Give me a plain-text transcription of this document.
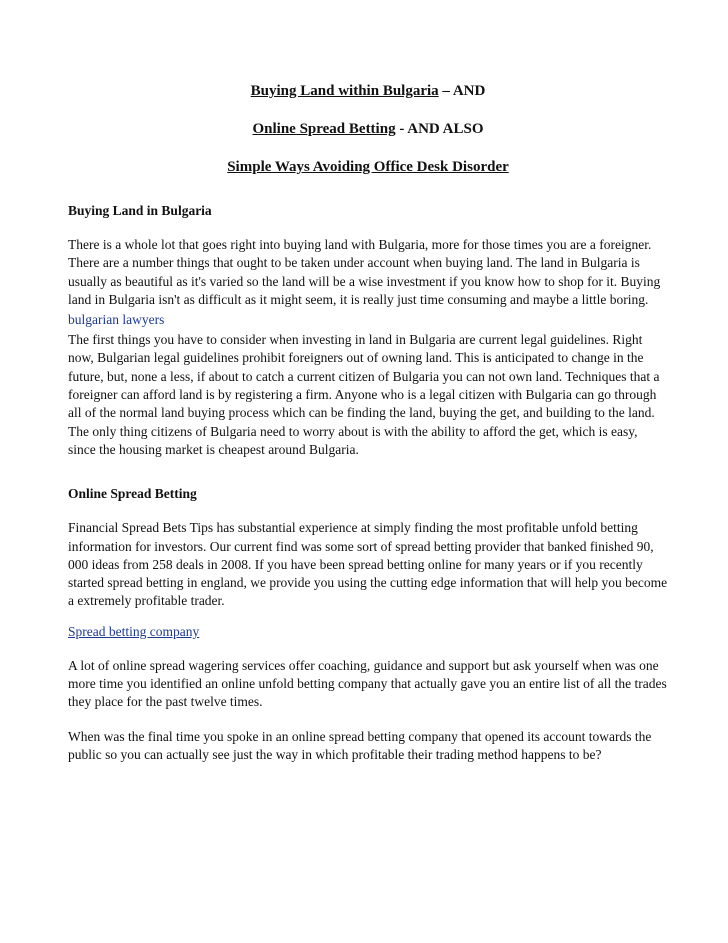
Buying Land within Bulgaria – AND
Online Spread Betting - AND ALSO
Simple Ways Avoiding Office Desk Disorder
Buying Land in Bulgaria

There is a whole lot that goes right into buying land with Bulgaria, more for those times you are a foreigner. There are a number things that ought to be taken under account when buying land. The land in Bulgaria is usually as beautiful as it's varied so the land will be a wise investment if you know how to shop for it. Buying land in Bulgaria isn't as difficult as it might seem, it is really just time consuming and maybe a little boring.

bulgarian lawyers

The first things you have to consider when investing in land in Bulgaria are current legal guidelines. Right now, Bulgarian legal guidelines prohibit foreigners out of owning land. This is anticipated to change in the future, but, none a less, if about to catch a current citizen of Bulgaria you can not own land. Techniques that a foreigner can afford land is by registering a firm. Anyone who is a legal citizen with Bulgaria can go through all of the normal land buying process which can be finding the land, buying the get, and building to the land. The only thing citizens of Bulgaria need to worry about is with the ability to afford the get, which is easy, since the housing market is cheapest around Bulgaria.

Online Spread Betting

Financial Spread Bets Tips has substantial experience at simply finding the most profitable unfold betting information for investors. Our current find was some sort of spread betting provider that banked finished 90, 000 ideas from 258 deals in 2008. If you have been spread betting online for many years or if you recently started spread betting in england, we provide you using the cutting edge information that will help you become a extremely profitable trader.

Spread betting company

A lot of online spread wagering services offer coaching, guidance and support but ask yourself when was one more time you identified an online unfold betting company that actually gave you an entire list of all the trades they place for the past twelve times.

When was the final time you spoke in an online spread betting company that opened its account towards the public so you can actually see just the way in which profitable their trading method happens to be?
